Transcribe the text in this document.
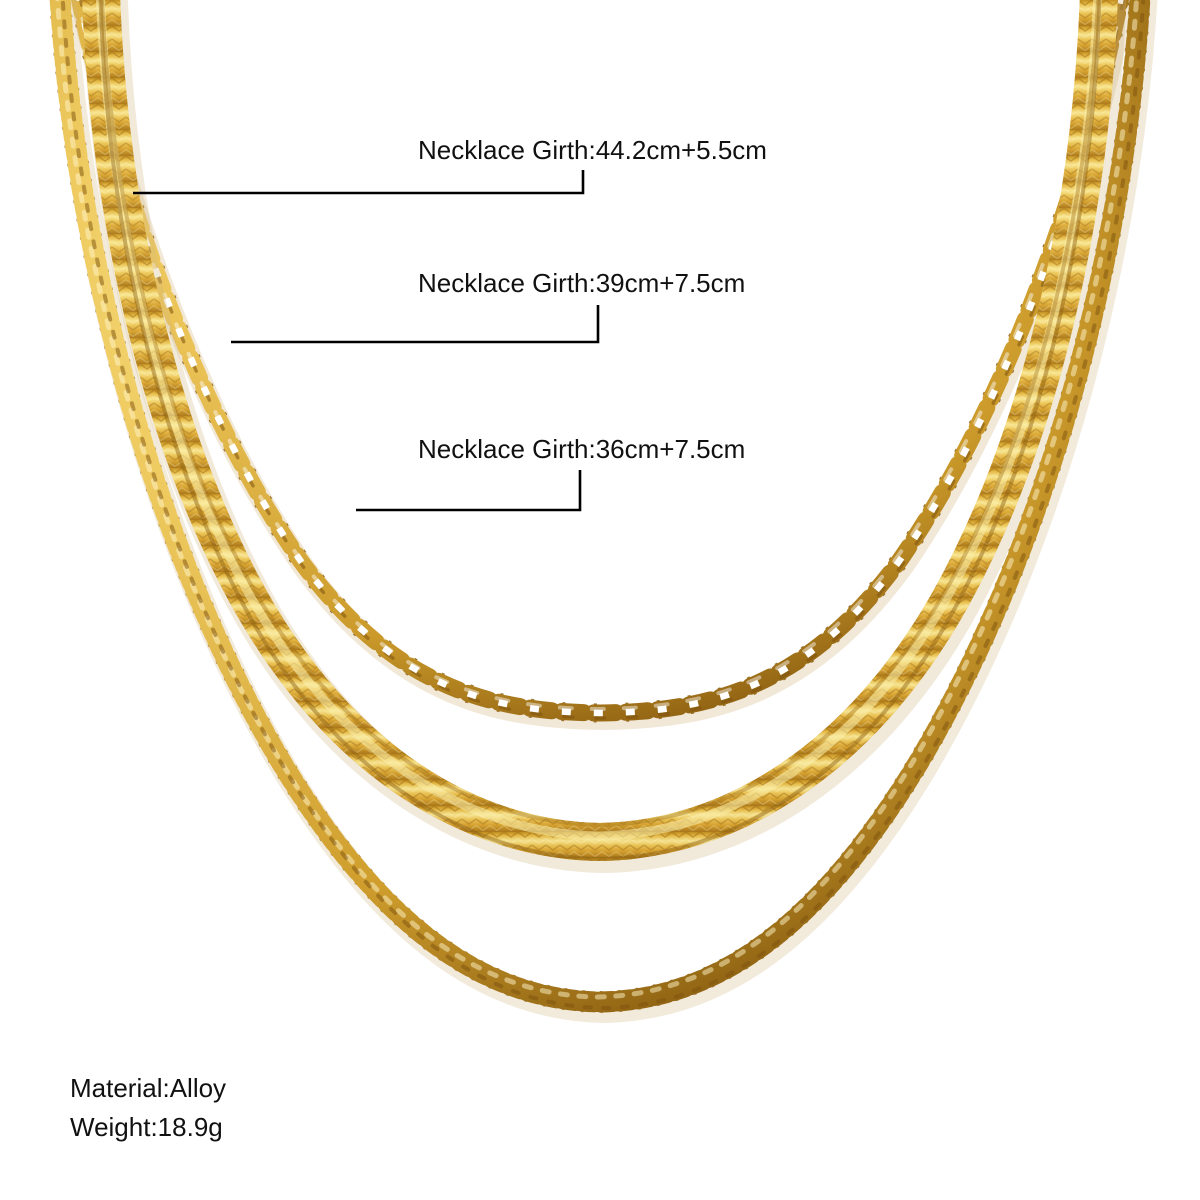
Necklace Girth:44.2cm+5.5cm
Necklace Girth:39cm+7.5cm
Necklace Girth:36cm+7.5cm
Material:Alloy
Weight:18.9g
